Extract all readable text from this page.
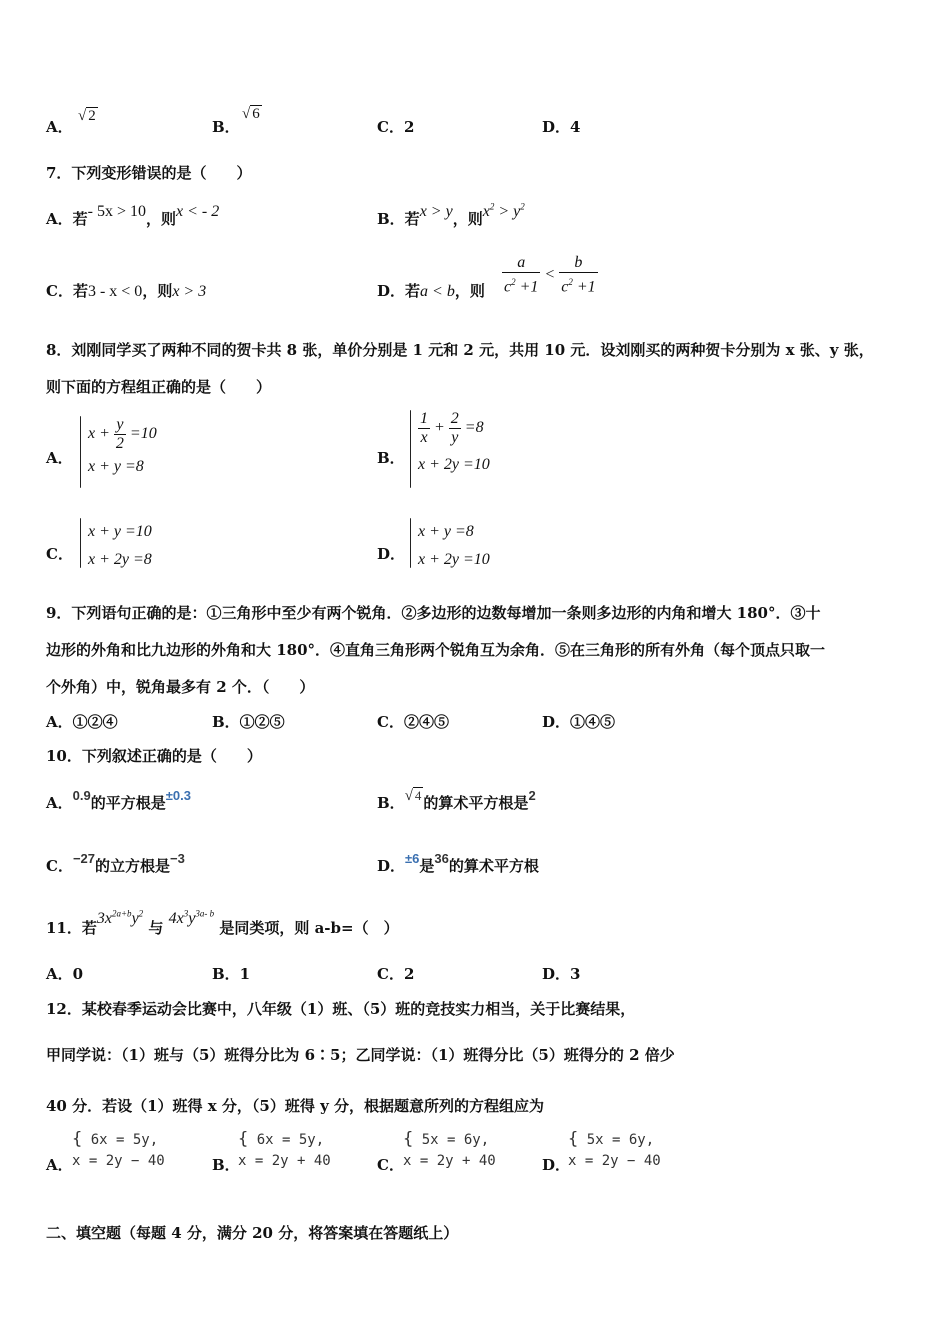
A．
√ 2
B．
√ 6
C．2	D．4
7．下列变形错误的是（　　）
A．若- 5x > 10，则x < - 2	B．若x > y，则$x^2 > y^2$
C．若3 - x < 0，则x > 3	D．若a < b，则 $\frac{a}{c^2 +1} < \frac{b}{c^2 +1}$
8．刘刚同学买了两种不同的贺卡共 8 张，单价分别是 1 元和 2 元，共用 10 元．设刘刚买的两种贺卡分别为 x 张、y 张，
则下面的方程组正确的是（　　）
A．
$x + \frac{y}{2} =10$
x + y =8	B．
$\frac{1}{x} + \frac{2}{y} =8$
x + 2y =10
C．
x + y =10
x + 2y =8	D．
x + y =8
x + 2y =10
9．下列语句正确的是：①三角形中至少有两个锐角．②多边形的边数每增加一条则多边形的内角和增大 180°．③十
边形的外角和比九边形的外角和大 180°．④直角三角形两个锐角互为余角．⑤在三角形的所有外角（每个顶点只取一
个外角）中，锐角最多有 2 个．（　　）
A．①②④	B．①②⑤	C．②④⑤	D．①④⑤
10．下列叙述正确的是（　　）
A．0.9的平方根是±0.3	B．√ 4 的算术平方根是2
C．−27的立方根是−3	D．±6是36的算术平方根
11．若$3x^{2a+b}y^2$ 与 $4x^3y^{3a- b}$ 是同类项，则 a-b=（　）
A．0	B．1	C．2	D．3
12．某校春季运动会比赛中，八年级（1）班、（5）班的竞技实力相当，关于比赛结果，
甲同学说：（1）班与（5）班得分比为 6∶5；乙同学说：（1）班得分比（5）班得分的 2 倍少
40 分．若设（1）班得 x 分，（5）班得 y 分，根据题意所列的方程组应为
A．
{ 6x = 5y,
x = 2y − 40	B．
{ 6x = 5y,
x = 2y + 40	C．
{ 5x = 6y,
x = 2y + 40	D．
{ 5x = 6y,
x = 2y − 40
二、填空题（每题 4 分，满分 20 分，将答案填在答题纸上）
